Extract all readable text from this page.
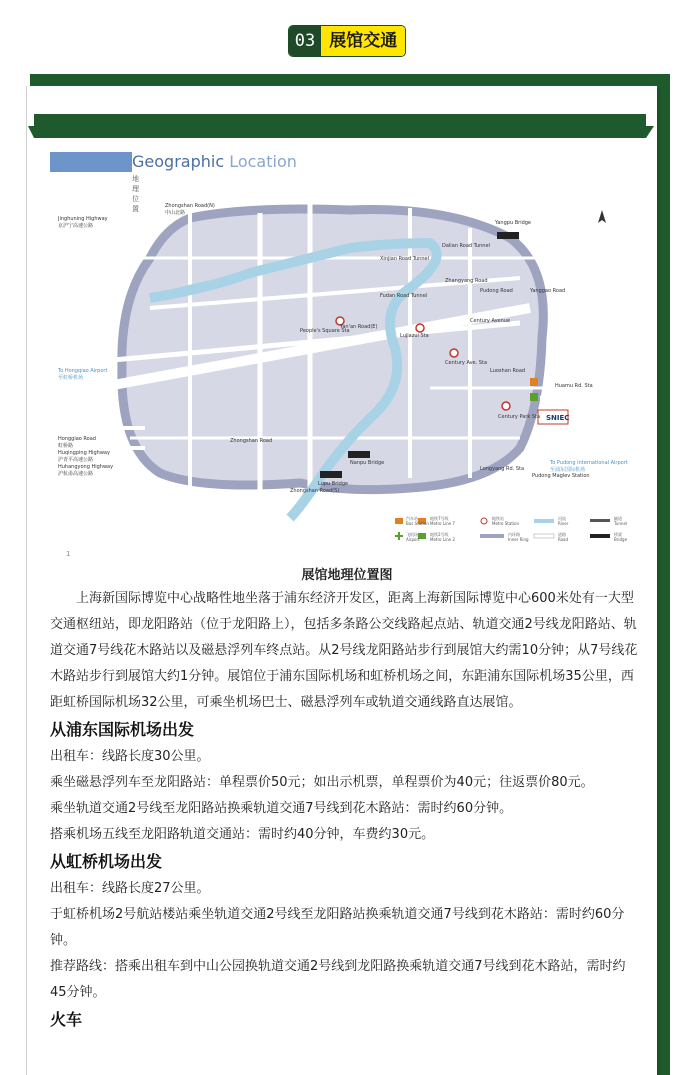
03 展馆交通
Geographic Location
地理位置	Zhongshan Road(N)
中山北路
Jinghuning Highway
京沪宁高速公路
To Hongqiao Airport
至虹桥机场
Honggiao Road
虹桥路
Huqingping Highway
沪青平高速公路
Huhangyong Highway
沪杭甬高速公路
People's Square Sta
Lujiazui Sta
Century Ave. Sta
Century Park Sta
Longyang Rd. Sta
Huamu Rd. Sta
To Pudong International Airport
至浦东国际机场
SNIEC
Yangpu Bridge
Nanpu Bridge
Lupu Bridge
Yan'an Road(E)
Century Avenue
Pudong Road
Zhongshan Road
Zhongshan Road(S)
Dalian Road Tunnel
Xinjian Road Tunnel
Fudan Road Tunnel
Zhangyang Road
Yanggao Road
Luoshan Road
Pudong Maglev Station
汽车站
Bus Station
地铁7号线
Metro Line 7
地铁站
Metro Station
河流
River
隧道
Tunnel
飞机场
Airport
地铁2号线
Metro Line 2
内环路
Inner Ring
道路
Road
桥梁
Bridge
1
展馆地理位置图
上海新国际博览中心战略性地坐落于浦东经济开发区，距离上海新国际博览中心600米处有一大型交通枢纽站，即龙阳路站（位于龙阳路上），包括多条路公交线路起点站、轨道交通2号线龙阳路站、轨道交通7号线花木路站以及磁悬浮列车终点站。从2号线龙阳路站步行到展馆大约需10分钟；从7号线花木路站步行到展馆大约1分钟。展馆位于浦东国际机场和虹桥机场之间，东距浦东国际机场35公里，西距虹桥国际机场32公里，可乘坐机场巴士、磁悬浮列车或轨道交通线路直达展馆。
从浦东国际机场出发
出租车：线路长度30公里。
乘坐磁悬浮列车至龙阳路站：单程票价50元；如出示机票，单程票价为40元；往返票价80元。
乘坐轨道交通2号线至龙阳路站换乘轨道交通7号线到花木路站：需时约60分钟。
搭乘机场五线至龙阳路轨道交通站：需时约40分钟，车费约30元。
从虹桥机场出发
出租车：线路长度27公里。
于虹桥机场2号航站楼站乘坐轨道交通2号线至龙阳路站换乘轨道交通7号线到花木路站：需时约60分钟。
推荐路线：搭乘出租车到中山公园换轨道交通2号线到龙阳路换乘轨道交通7号线到花木路站，需时约45分钟。
火车
